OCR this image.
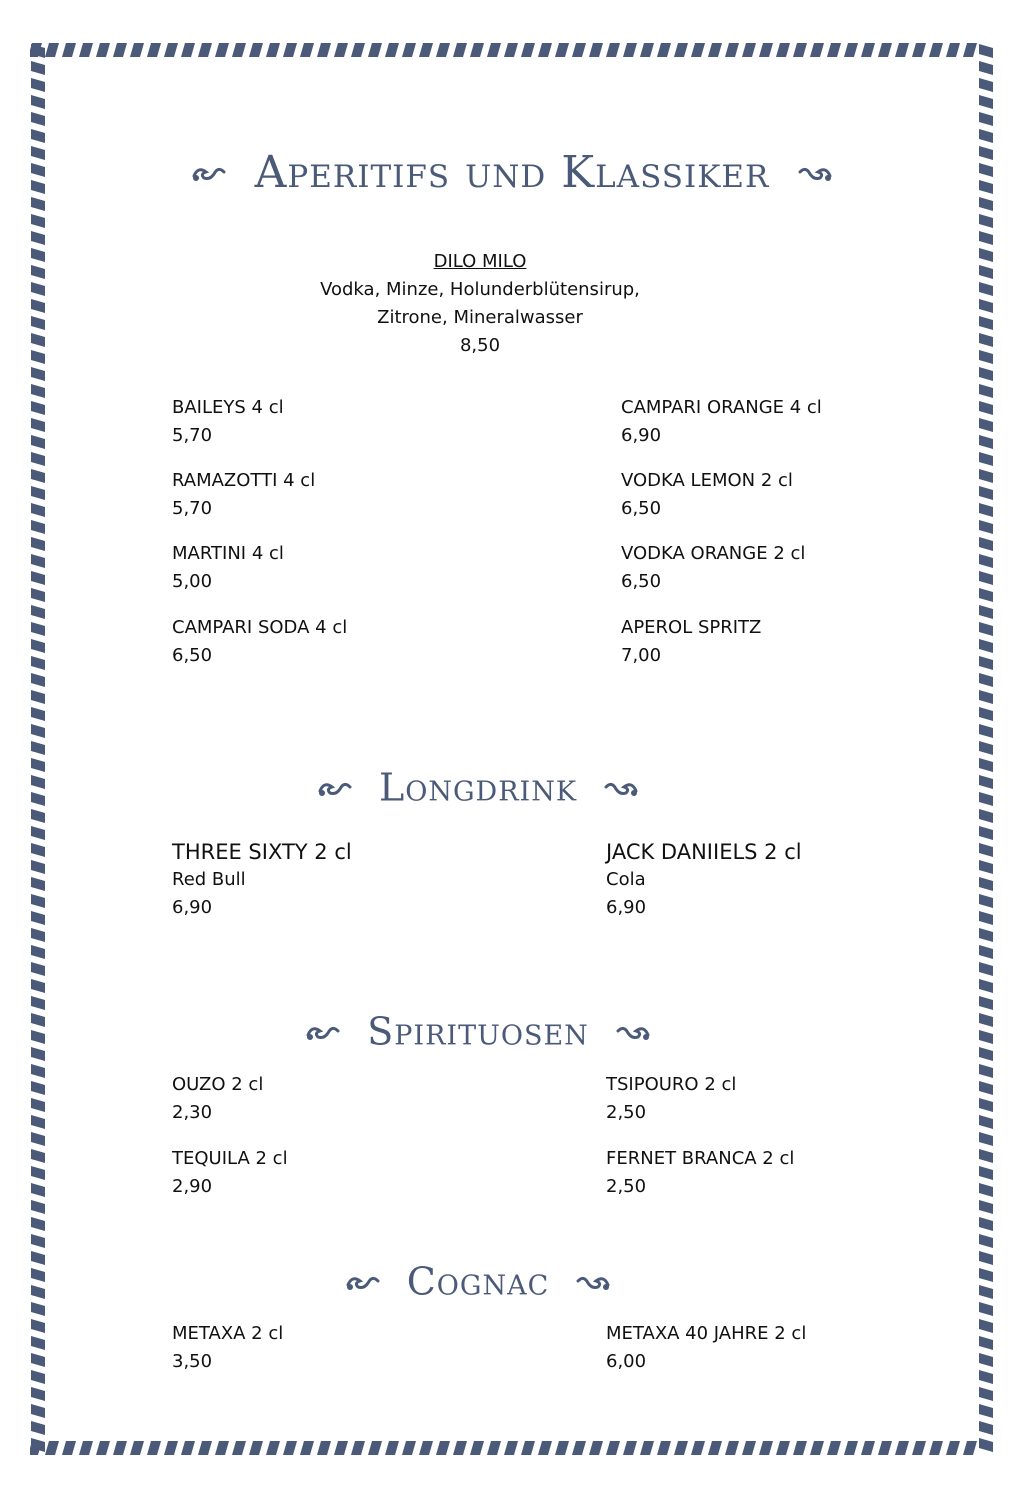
Aperitifs und Klassiker
DILO MILO
Vodka, Minze, Holunderblütensirup,
Zitrone, Mineralwasser
8,50
BAILEYS 4 cl
5,70
CAMPARI ORANGE 4 cl
6,90
RAMAZOTTI 4 cl
5,70
VODKA LEMON 2 cl
6,50
MARTINI 4 cl
5,00
VODKA ORANGE 2 cl
6,50
CAMPARI SODA 4 cl
6,50
APEROL SPRITZ
7,00
Longdrink
THREE SIXTY 2 cl
Red Bull
6,90
JACK DANIIELS 2 cl
Cola
6,90
Spirituosen
OUZO 2 cl
2,30
TSIPOURO 2 cl
2,50
TEQUILA 2 cl
2,90
FERNET BRANCA 2 cl
2,50
Cognac
METAXA 2 cl
3,50
METAXA 40 JAHRE 2 cl
6,00
